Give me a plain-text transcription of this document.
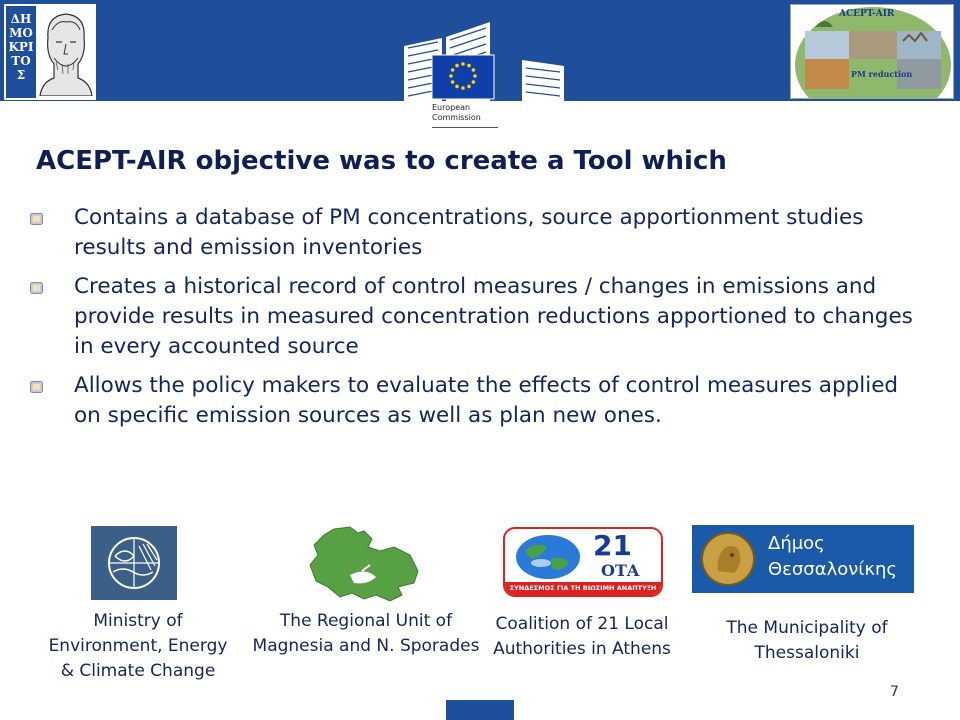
ΔΗ
ΜΟ
ΚΡΙ
ΤΟ
Σ
ACEPT-AIR
PM reduction
European
Commission
ACEPT-AIR objective was to create a Tool which
Contains a database of PM concentrations, source apportionment studies results and emission inventories
Creates a historical record of control measures / changes in emissions and provide results in measured concentration reductions apportioned to changes in every accounted source
Allows the policy makers to evaluate the effects of control measures applied on specific emission sources as well as plan new ones.
21
ΟΤΑ
ΣΥΝΔΕΣΜΟΣ ΓΙΑ ΤΗ ΒΙΩΣΙΜΗ ΑΝΑΠΤΥΞΗ
Δήμος
Θεσσαλονίκης
Ministry of Environment, Energy & Climate Change
The Regional Unit of Magnesia and N. Sporades
Coalition of 21 Local Authorities in Athens
The Municipality of Thessaloniki
7
